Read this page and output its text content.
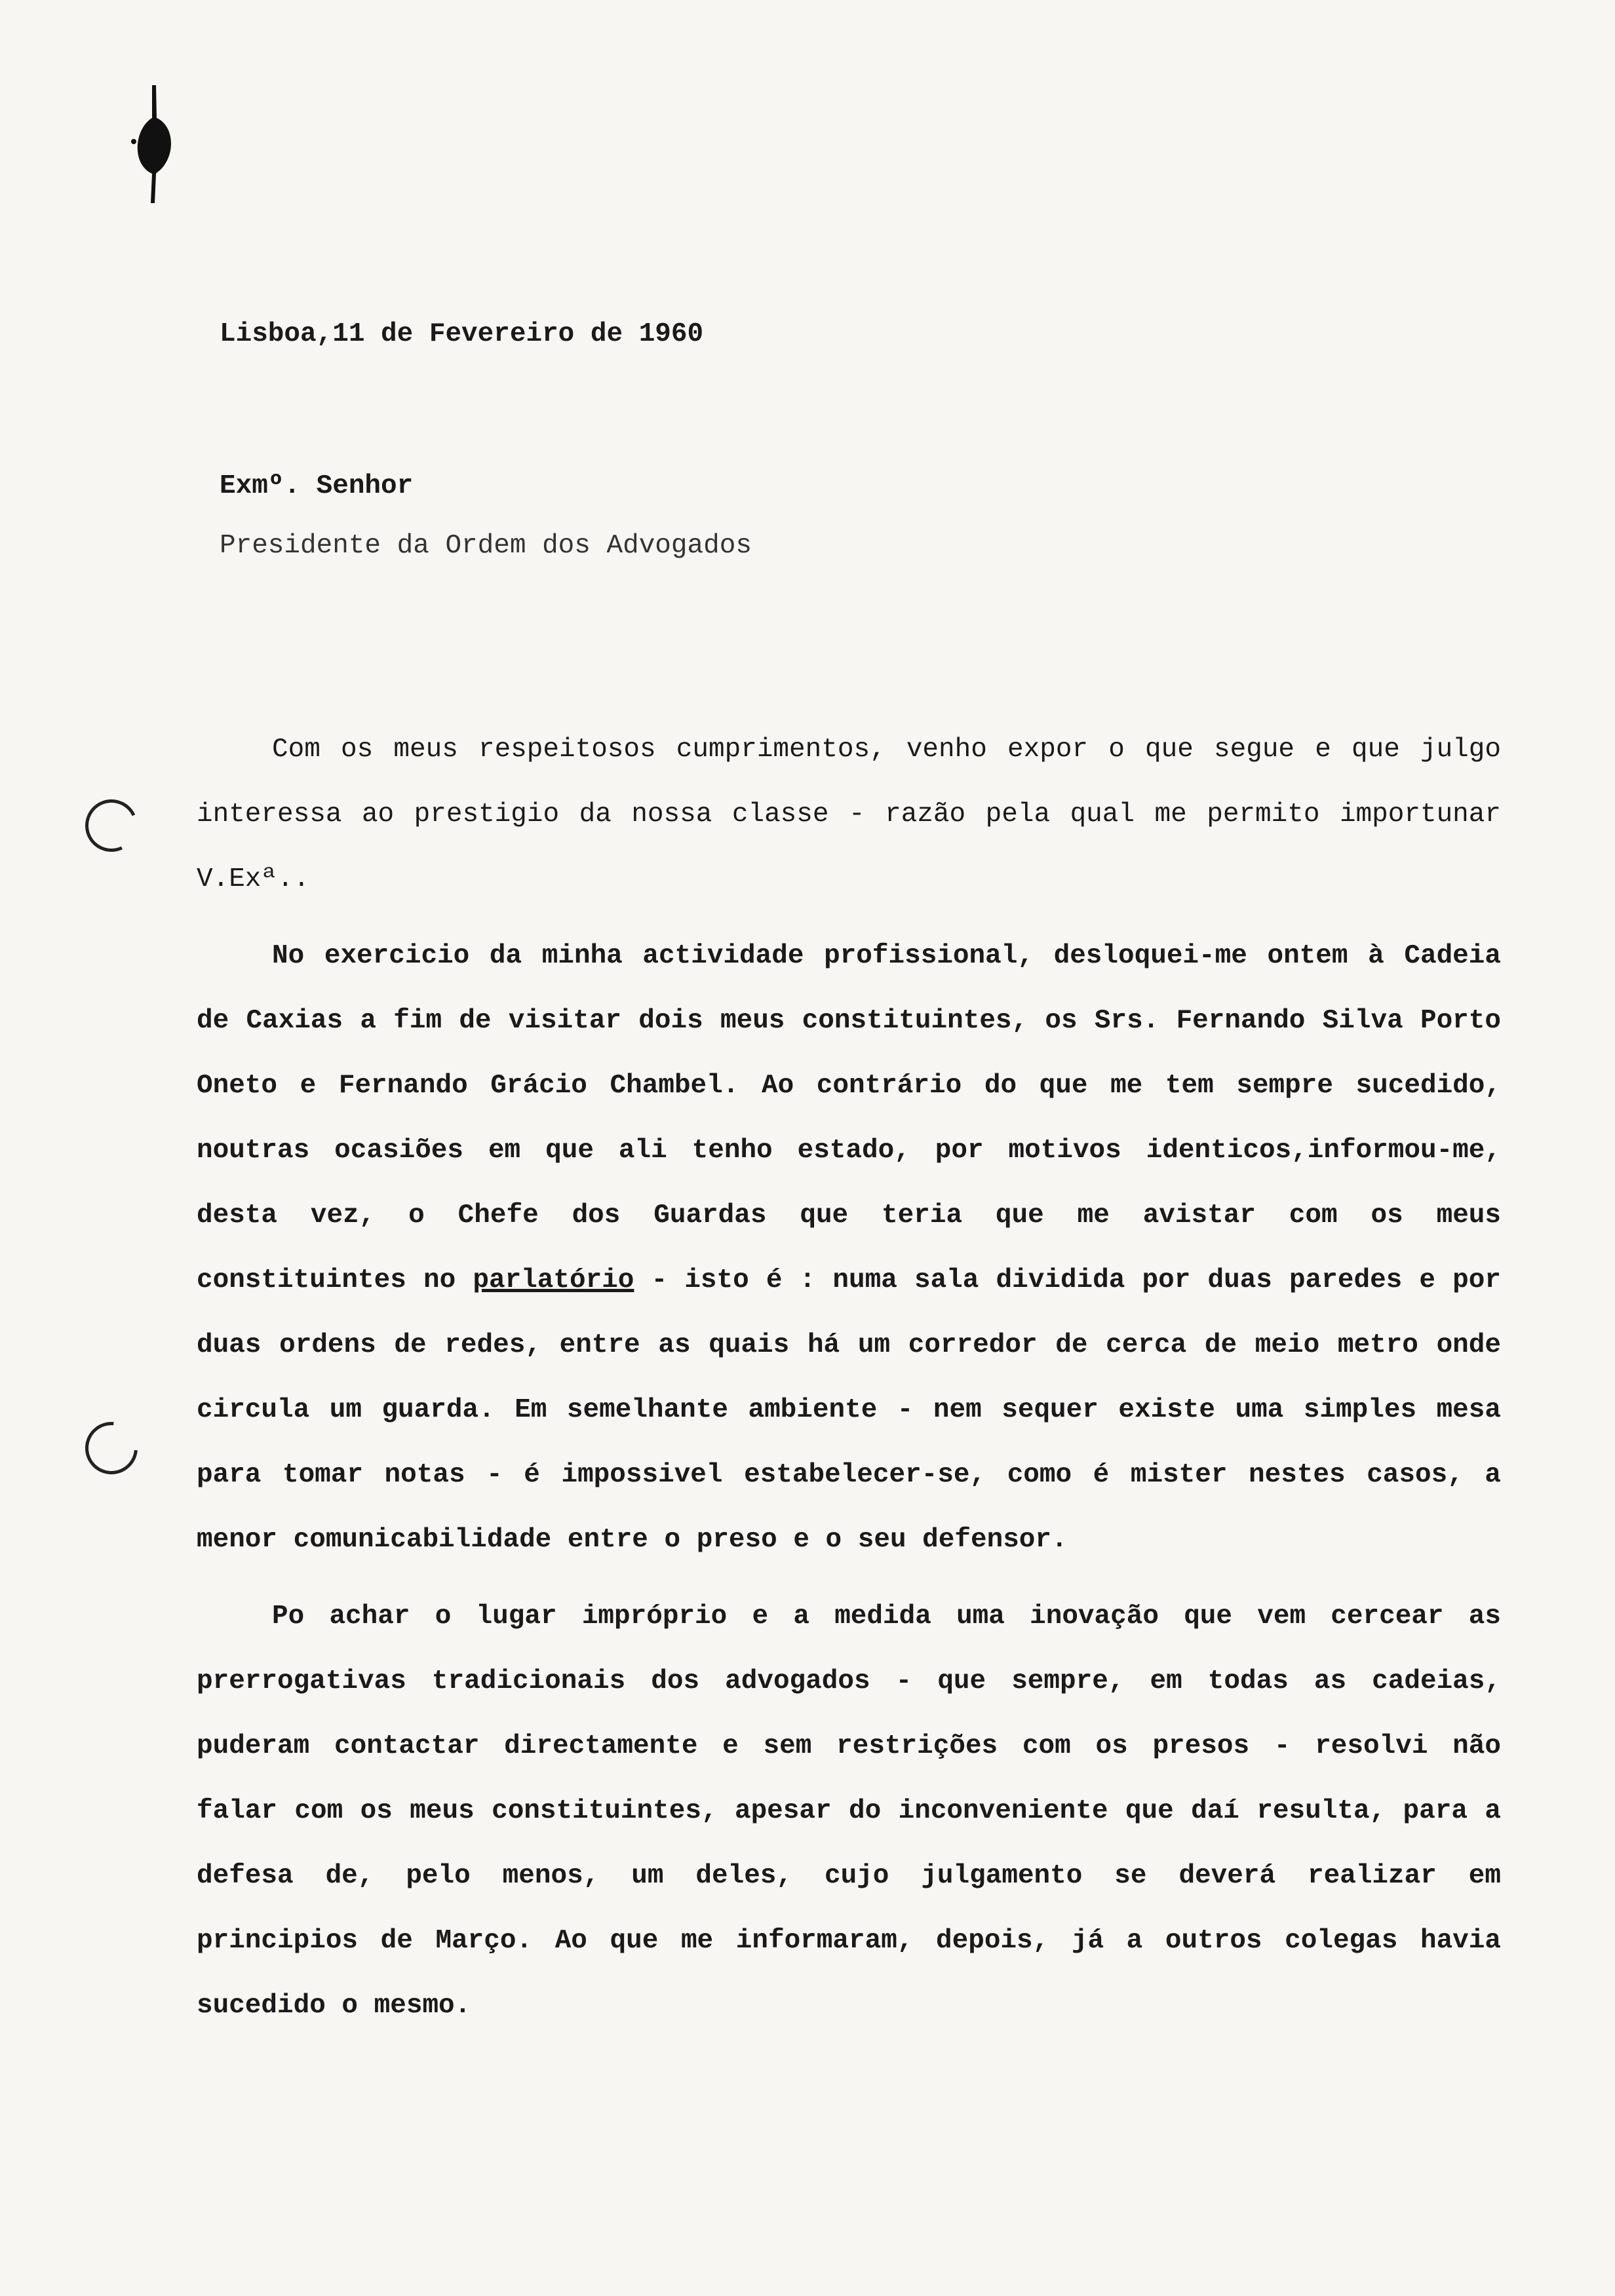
Lisboa,11 de Fevereiro de 1960
Exmº. Senhor
Presidente da Ordem dos Advogados

Com os meus respeitosos cumprimentos, venho expor o que segue e que julgo interessa ao prestigio da nossa classe - razão pela qual me permito importunar V.Exª..

No exercicio da minha actividade profissional, desloquei-me ontem à Cadeia de Caxias a fim de visitar dois meus constituintes, os Srs. Fernando Silva Porto Oneto e Fernando Grácio Chambel. Ao contrário do que me tem sempre sucedido, noutras ocasiões em que ali tenho estado, por motivos identicos,informou-me, desta vez, o Chefe dos Guardas que teria que me avistar com os meus constituintes no parlatório - isto é : numa sala dividida por duas paredes e por duas ordens de redes, entre as quais há um corredor de cerca de meio metro onde circula um guarda. Em semelhante ambiente - nem sequer existe uma simples mesa para tomar notas - é impossivel estabelecer-se, como é mister nestes casos, a menor comunicabilidade entre o preso e o seu defensor.

Po achar o lugar impróprio e a medida uma inovação que vem cercear as prerrogativas tradicionais dos advogados - que sempre, em todas as cadeias, puderam contactar directamente e sem restrições com os presos - resolvi não falar com os meus constituintes, apesar do inconveniente que daí resulta, para a defesa de, pelo menos, um deles, cujo julgamento se deverá realizar em principios de Março. Ao que me informaram, depois, já a outros colegas havia sucedido o mesmo.
